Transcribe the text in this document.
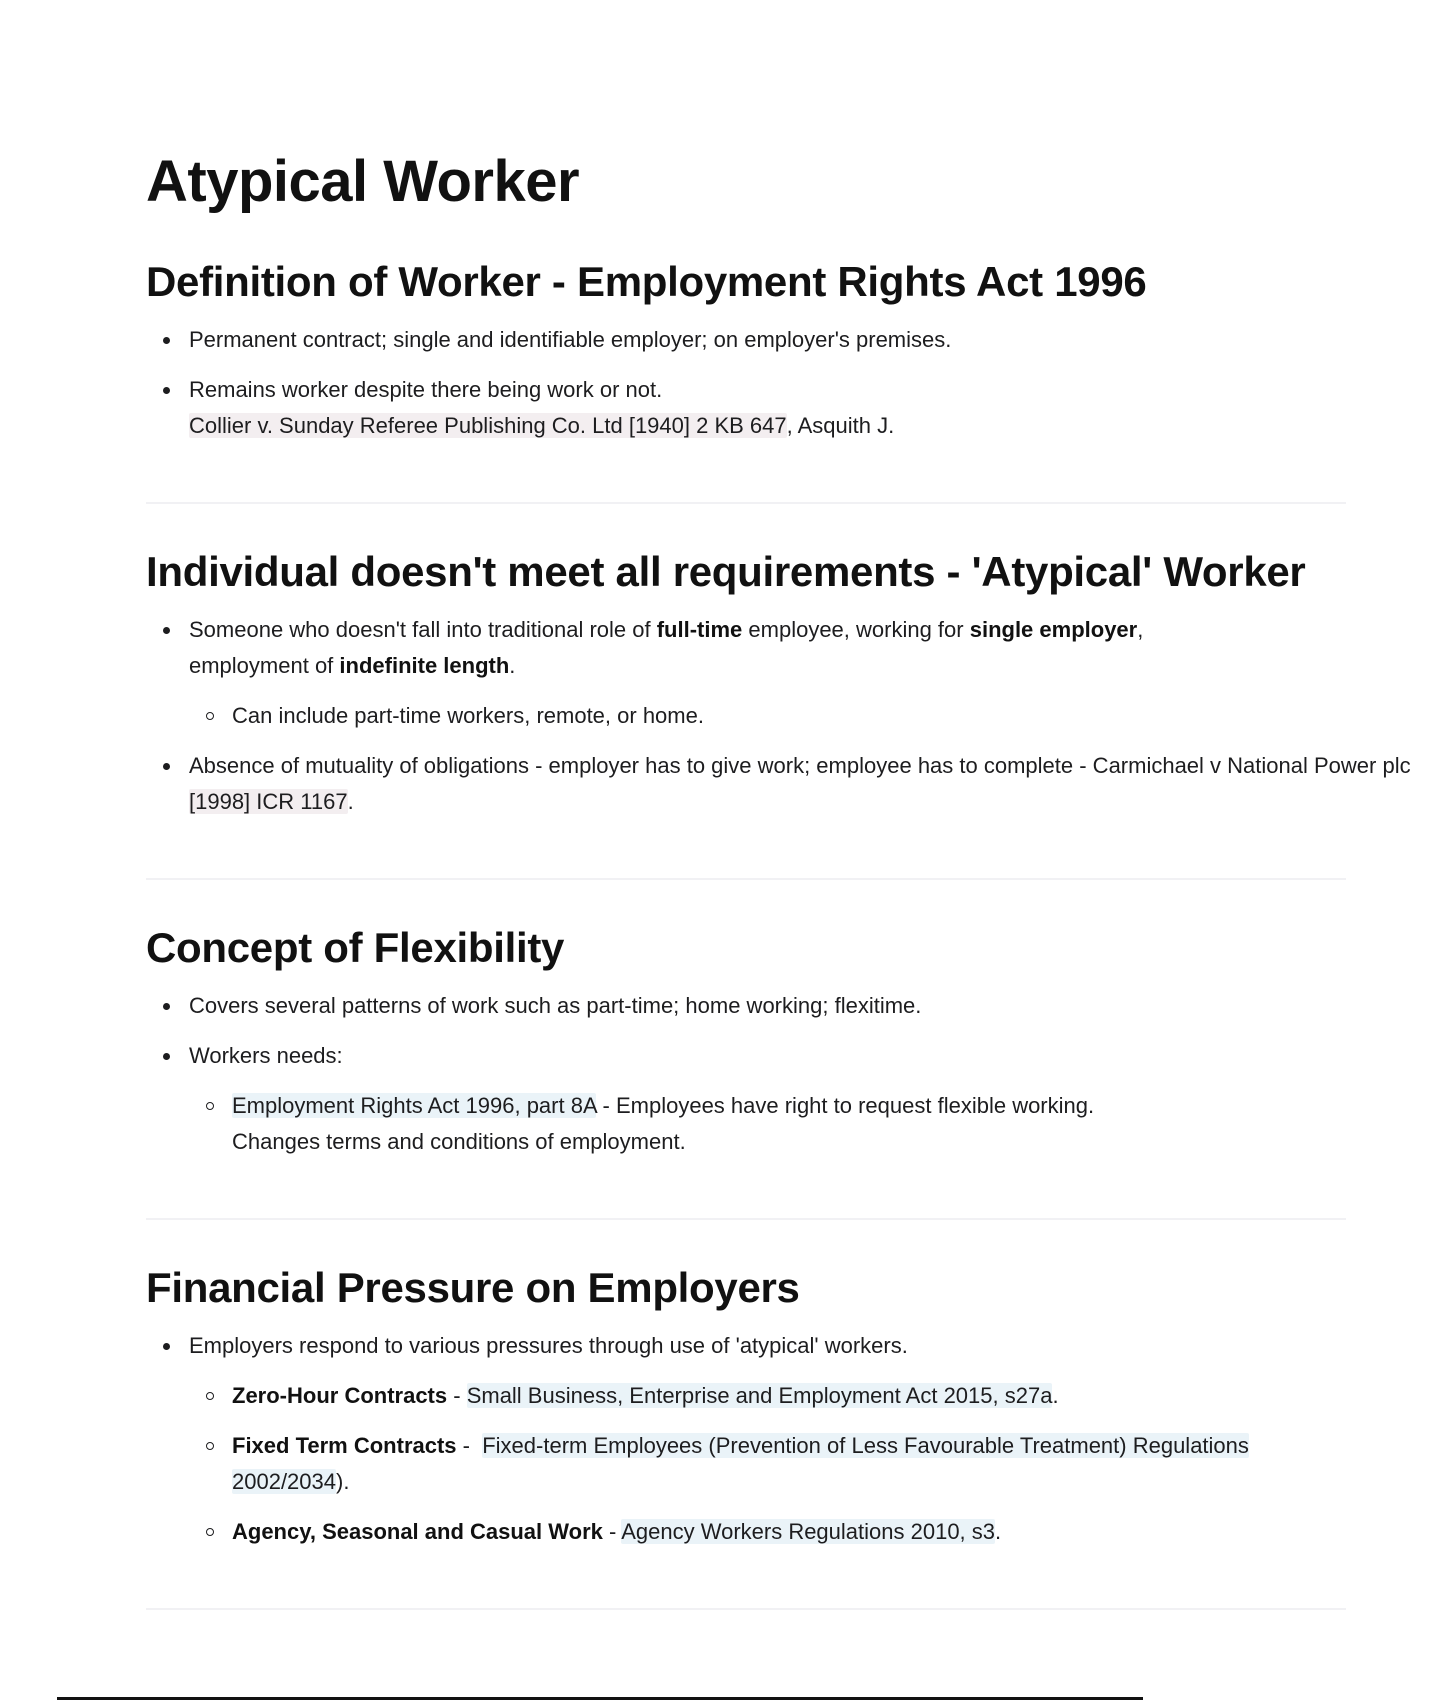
Atypical Worker
Definition of Worker - Employment Rights Act 1996
Permanent contract; single and identifiable employer; on employer's premises.
Remains worker despite there being work or not.
Collier v. Sunday Referee Publishing Co. Ltd [1940] 2 KB 647, Asquith J.
Individual doesn't meet all requirements - 'Atypical' Worker
Someone who doesn't fall into traditional role of full-time employee, working for single employer,
employment of indefinite length.
Can include part-time workers, remote, or home.
Absence of mutuality of obligations - employer has to give work; employee has to complete - Carmichael v National Power plc
[1998] ICR 1167.
Concept of Flexibility
Covers several patterns of work such as part-time; home working; flexitime.
Workers needs:
Employment Rights Act 1996, part 8A - Employees have right to request flexible working.
Changes terms and conditions of employment.
Financial Pressure on Employers
Employers respond to various pressures through use of 'atypical' workers.
Zero-Hour Contracts - Small Business, Enterprise and Employment Act 2015, s27a.
Fixed Term Contracts -  Fixed-term Employees (Prevention of Less Favourable Treatment) Regulations
2002/2034).
Agency, Seasonal and Casual Work - Agency Workers Regulations 2010, s3.
